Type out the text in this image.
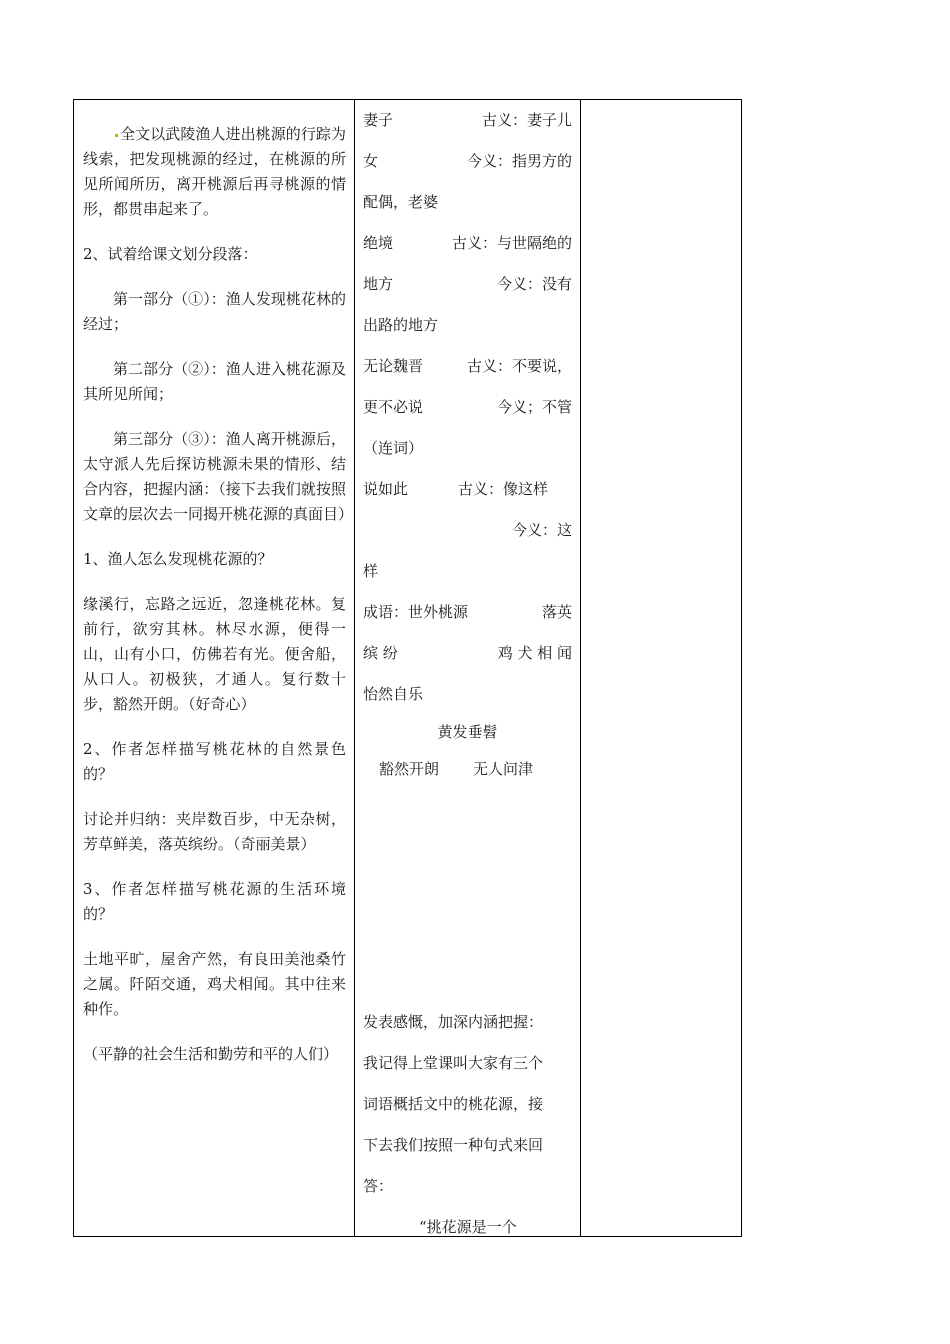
全文以武陵渔人进出桃源的行踪为线索，把发现桃源的经过，在桃源的所见所闻所历，离开桃源后再寻桃源的情形，都贯串起来了。

2、试着给课文划分段落：

第一部分（①）：渔人发现桃花林的经过；

第二部分（②）：渔人进入桃花源及其所见所闻；

第三部分（③）：渔人离开桃源后，太守派人先后探访桃源未果的情形、结合内容，把握内涵：（接下去我们就按照文章的层次去一同揭开桃花源的真面目）

1、渔人怎么发现桃花源的？

缘溪行，忘路之远近，忽逢桃花林。复前行，欲穷其林。林尽水源，便得一山，山有小口，仿佛若有光。便舍船，从口人。初极狭，才通人。复行数十步，豁然开朗。（好奇心）

2、作者怎样描写桃花林的自然景色的？

讨论并归纳：夹岸数百步，中无杂树，芳草鲜美，落英缤纷。（奇丽美景）

3、作者怎样描写桃花源的生活环境的？

土地平旷，屋舍产然，有良田美池桑竹之属。阡陌交通，鸡犬相闻。其中往来种作。

（平静的社会生活和勤劳和平的人们）

妻子	古义：妻子儿
女	今义：指男方的
配偶，老婆
绝境	古义：与世隔绝的
地方	今义：没有
出路的地方
无论魏晋	古义：不要说，
更不必说	今义；不管
（连词）
说如此	古义：像这样
今义：这
样
成语：世外桃源	落英
缤 纷	鸡 犬 相 闻
怡然自乐
黄发垂髫
豁然开朗 无人问津
发表感慨，加深内涵把握：
我记得上堂课叫大家有三个
词语概括文中的桃花源，接
下去我们按照一种句式来回
答：
“挑花源是一个
